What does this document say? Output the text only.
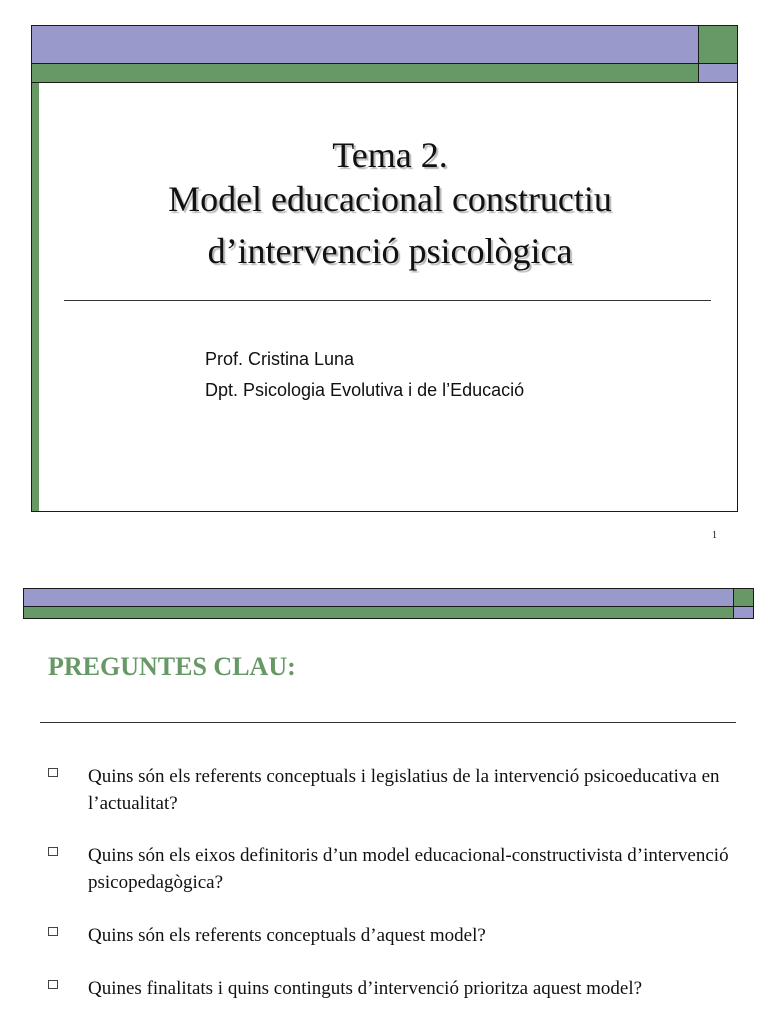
Tema 2.
Model educacional constructiu
d’intervenció psicològica
Prof. Cristina Luna
Dpt. Psicologia Evolutiva i de l’Educació
1
PREGUNTES CLAU:
Quins són els referents conceptuals i legislatius de la intervenció psicoeducativa en l’actualitat?
Quins són els eixos definitoris d’un model educacional-constructivista d’intervenció psicopedagògica?
Quins són els referents conceptuals d’aquest model?
Quines finalitats i quins continguts d’intervenció prioritza aquest model?
